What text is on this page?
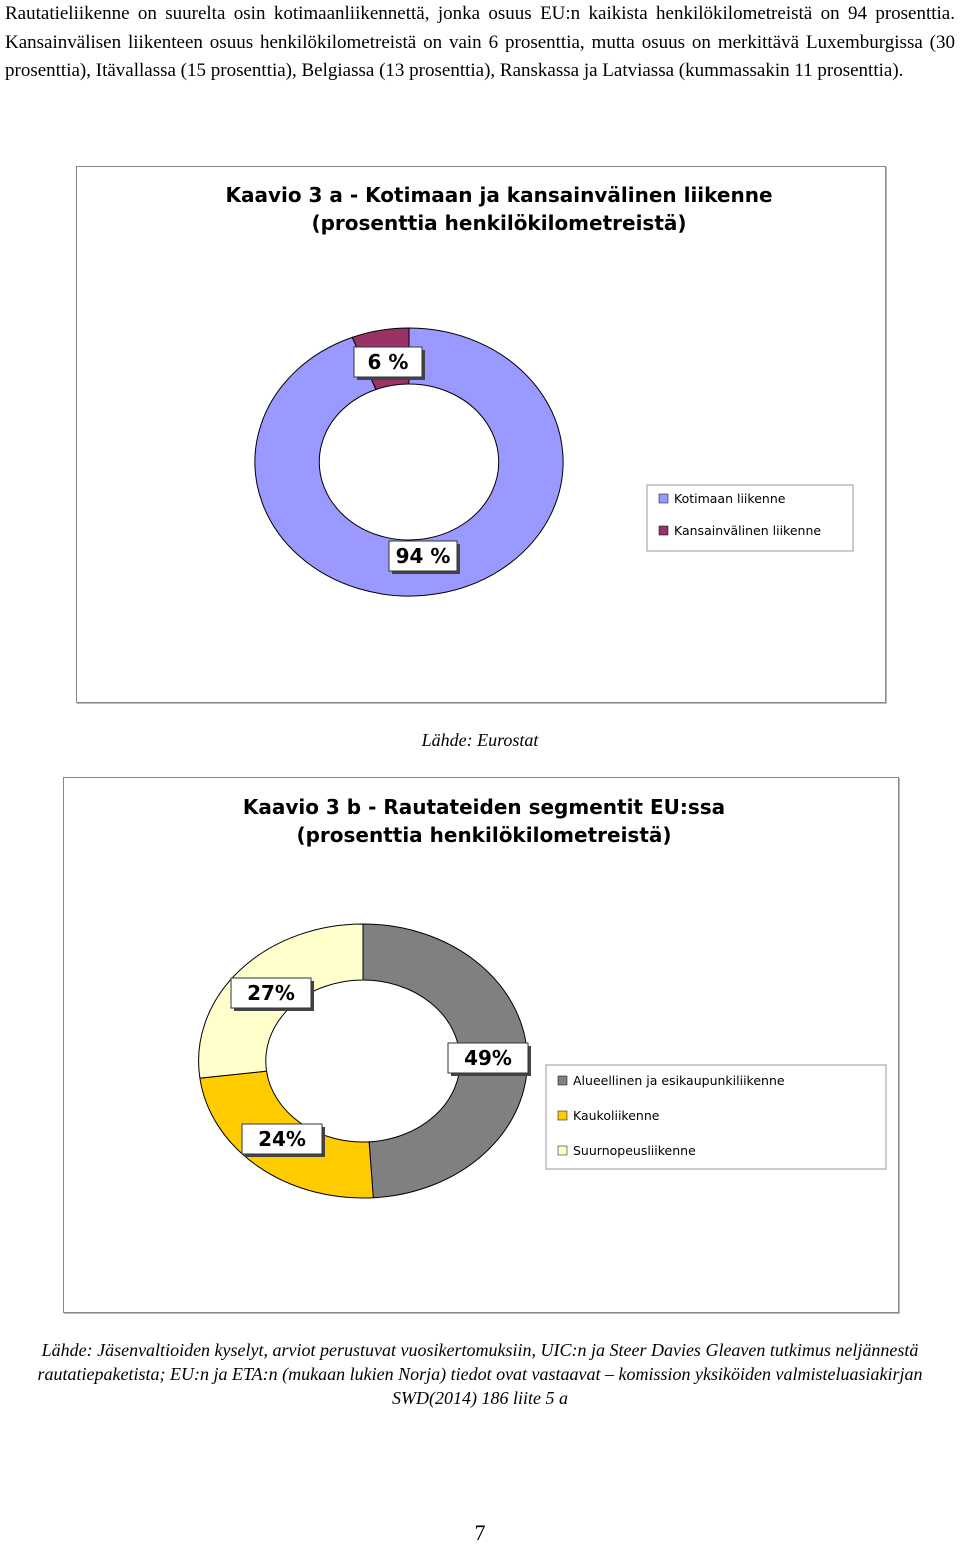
Rautatieliikenne on suurelta osin kotimaanliikennettä, jonka osuus EU:n kaikista henkilökilometreistä on 94 prosenttia. Kansainvälisen liikenteen osuus henkilökilometreistä on vain 6 prosenttia, mutta osuus on merkittävä Luxemburgissa (30 prosenttia), Itävallassa (15 prosenttia), Belgiassa (13 prosenttia), Ranskassa ja Latviassa (kummassakin 11 prosenttia).

Kaavio 3 a - Kotimaan ja kansainvälinen liikenne
(prosenttia henkilökilometreistä)
94 %
6 %
Kotimaan liikenne
Kansainvälinen liikenne

Lähde: Eurostat

Kaavio 3 b - Rautateiden segmentit EU:ssa
(prosenttia henkilökilometreistä)
49%
24%
27%
Alueellinen ja esikaupunkiliikenne
Kaukoliikenne
Suurnopeusliikenne

Lähde: Jäsenvaltioiden kyselyt, arviot perustuvat vuosikertomuksiin, UIC:n ja Steer Davies Gleaven tutkimus neljännestä rautatiepaketista; EU:n ja ETA:n (mukaan lukien Norja) tiedot ovat vastaavat – komission yksiköiden valmisteluasiakirjan SWD(2014) 186 liite 5 a

7
